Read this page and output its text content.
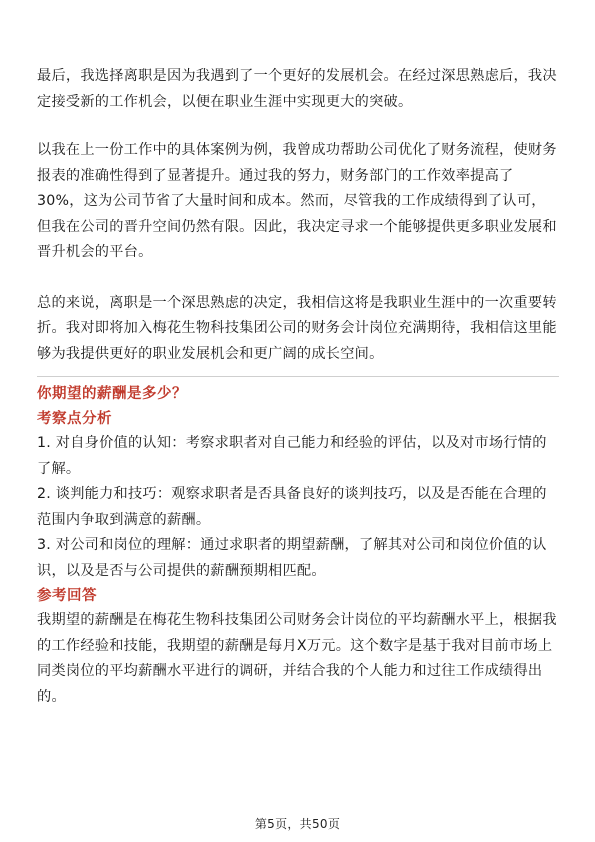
最后，我选择离职是因为我遇到了一个更好的发展机会。在经过深思熟虑后，我决定接受新的工作机会，以便在职业生涯中实现更大的突破。

以我在上一份工作中的具体案例为例，我曾成功帮助公司优化了财务流程，使财务报表的准确性得到了显著提升。通过我的努力，财务部门的工作效率提高了30%，这为公司节省了大量时间和成本。然而，尽管我的工作成绩得到了认可，但我在公司的晋升空间仍然有限。因此，我决定寻求一个能够提供更多职业发展和晋升机会的平台。

总的来说，离职是一个深思熟虑的决定，我相信这将是我职业生涯中的一次重要转折。我对即将加入梅花生物科技集团公司的财务会计岗位充满期待，我相信这里能够为我提供更好的职业发展机会和更广阔的成长空间。

你期望的薪酬是多少？
考察点分析

1. 对自身价值的认知：考察求职者对自己能力和经验的评估，以及对市场行情的了解。

2. 谈判能力和技巧：观察求职者是否具备良好的谈判技巧，以及是否能在合理的范围内争取到满意的薪酬。

3. 对公司和岗位的理解：通过求职者的期望薪酬，了解其对公司和岗位价值的认识，以及是否与公司提供的薪酬预期相匹配。

参考回答

我期望的薪酬是在梅花生物科技集团公司财务会计岗位的平均薪酬水平上，根据我的工作经验和技能，我期望的薪酬是每月X万元。这个数字是基于我对目前市场上同类岗位的平均薪酬水平进行的调研，并结合我的个人能力和过往工作成绩得出的。

第5页，共50页
